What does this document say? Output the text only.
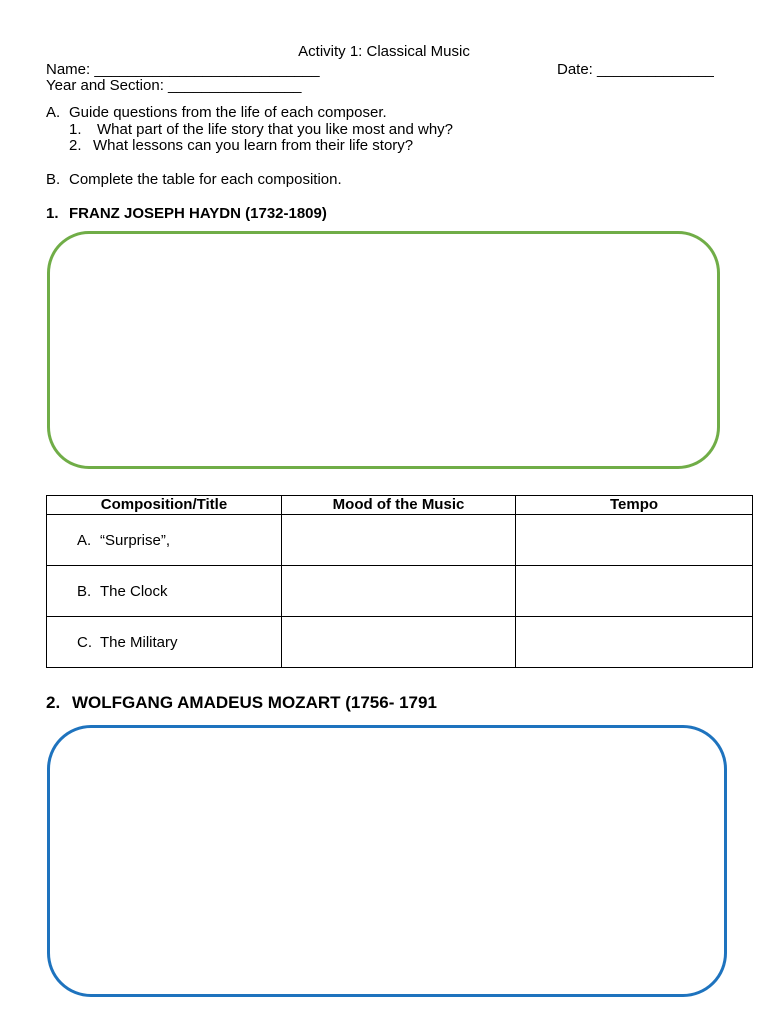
Activity 1: Classical Music
Name: ___________________________	Date: ______________
Year and Section: ________________
A. Guide questions from the life of each composer.
1. What part of the life story that you like most and why?
2. What lessons can you learn from their life story?
B. Complete the table for each composition.
1. FRANZ JOSEPH HAYDN (1732-1809)
Composition/Title	Mood of the Music	Tempo
A. “Surprise”,		
B. The Clock		
C. The Military		
2. WOLFGANG AMADEUS MOZART (1756- 1791
